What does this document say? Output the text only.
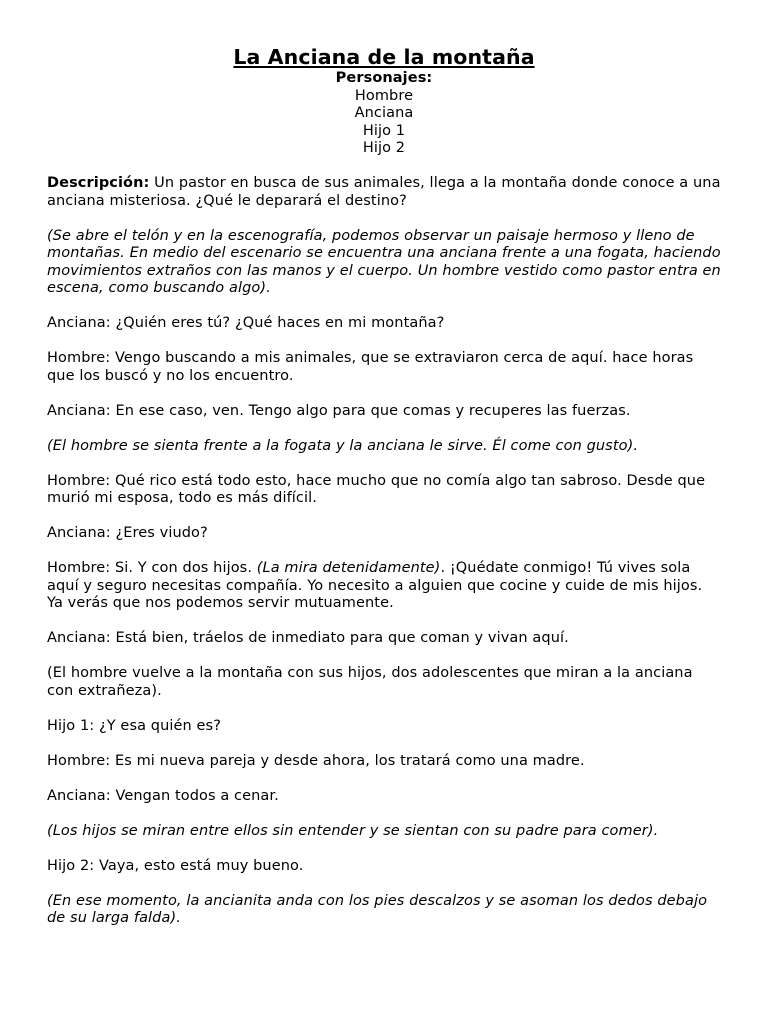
La Anciana de la montaña
Personajes:
Hombre
Anciana
Hijo 1
Hijo 2

Descripción: Un pastor en busca de sus animales, llega a la montaña donde conoce a una anciana misteriosa. ¿Qué le deparará el destino?

(Se abre el telón y en la escenografía, podemos observar un paisaje hermoso y lleno de montañas. En medio del escenario se encuentra una anciana frente a una fogata, haciendo movimientos extraños con las manos y el cuerpo. Un hombre vestido como pastor entra en escena, como buscando algo).

Anciana: ¿Quién eres tú? ¿Qué haces en mi montaña?

Hombre: Vengo buscando a mis animales, que se extraviaron cerca de aquí. hace horas que los buscó y no los encuentro.

Anciana: En ese caso, ven. Tengo algo para que comas y recuperes las fuerzas.

(El hombre se sienta frente a la fogata y la anciana le sirve. Él come con gusto).

Hombre: Qué rico está todo esto, hace mucho que no comía algo tan sabroso. Desde que murió mi esposa, todo es más difícil.

Anciana: ¿Eres viudo?

Hombre: Si. Y con dos hijos. (La mira detenidamente). ¡Quédate conmigo! Tú vives sola aquí y seguro necesitas compañía. Yo necesito a alguien que cocine y cuide de mis hijos. Ya verás que nos podemos servir mutuamente.

Anciana: Está bien, tráelos de inmediato para que coman y vivan aquí.

(El hombre vuelve a la montaña con sus hijos, dos adolescentes que miran a la anciana con extrañeza).

Hijo 1: ¿Y esa quién es?

Hombre: Es mi nueva pareja y desde ahora, los tratará como una madre.

Anciana: Vengan todos a cenar.

(Los hijos se miran entre ellos sin entender y se sientan con su padre para comer).

Hijo 2: Vaya, esto está muy bueno.

(En ese momento, la ancianita anda con los pies descalzos y se asoman los dedos debajo de su larga falda).
